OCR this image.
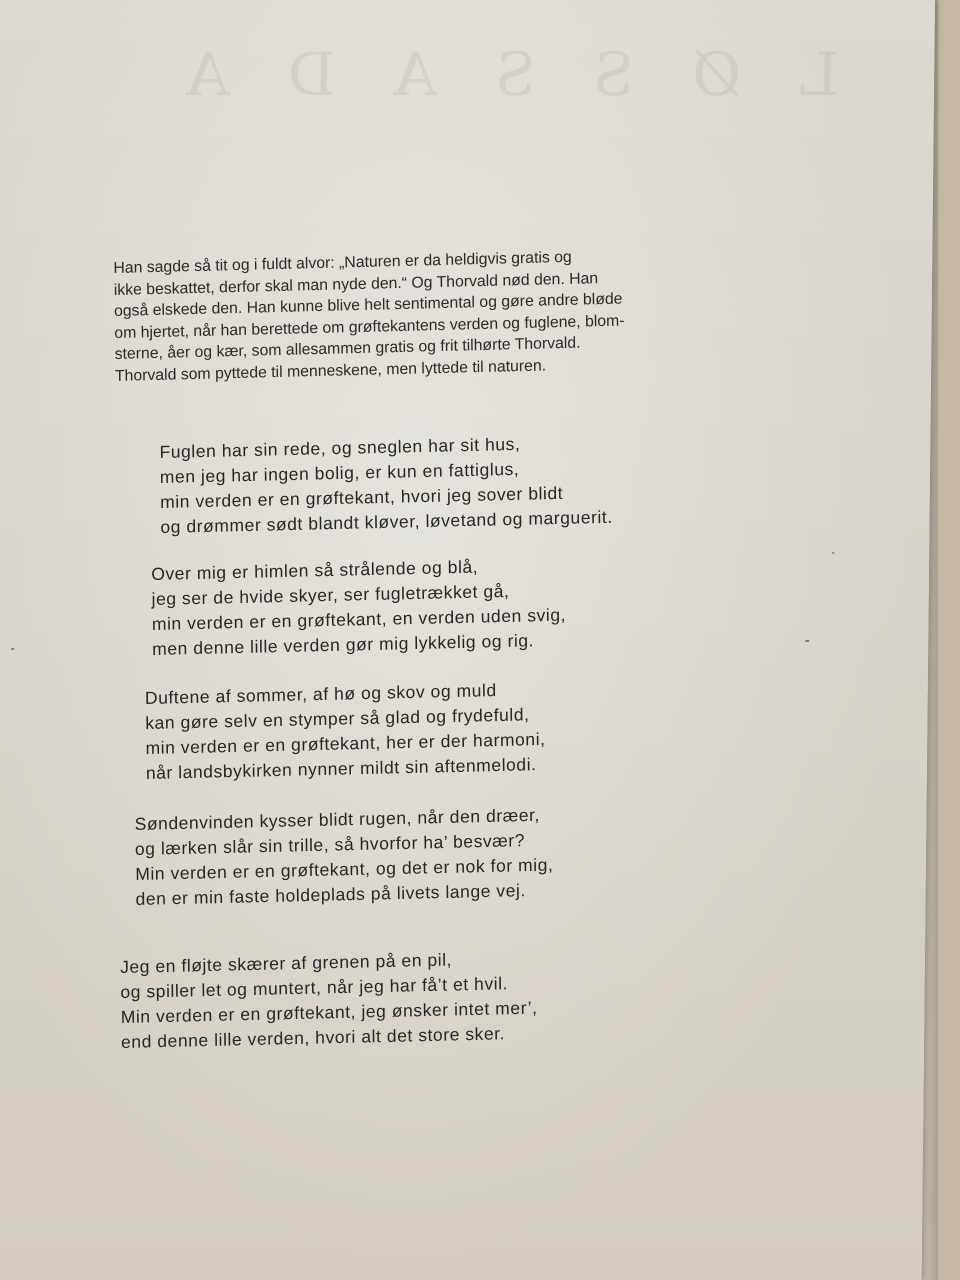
LØSSADA
Han sagde så tit og i fuldt alvor: „Naturen er da heldigvis gratis og
ikke beskattet, derfor skal man nyde den.“ Og Thorvald nød den. Han
også elskede den. Han kunne blive helt sentimental og gøre andre bløde
om hjertet, når han berettede om grøftekantens verden og fuglene, blom-
sterne, åer og kær, som allesammen gratis og frit tilhørte Thorvald.
Thorvald som pyttede til menneskene, men lyttede til naturen.
Fuglen har sin rede, og sneglen har sit hus,
men jeg har ingen bolig, er kun en fattiglus,
min verden er en grøftekant, hvori jeg sover blidt
og drømmer sødt blandt kløver, løvetand og marguerit.
Over mig er himlen så strålende og blå,
jeg ser de hvide skyer, ser fugletrækket gå,
min verden er en grøftekant, en verden uden svig,
men denne lille verden gør mig lykkelig og rig.
Duftene af sommer, af hø og skov og muld
kan gøre selv en stymper så glad og frydefuld,
min verden er en grøftekant, her er der harmoni,
når landsbykirken nynner mildt sin aftenmelodi.
Søndenvinden kysser blidt rugen, når den dræer,
og lærken slår sin trille, så hvorfor ha’ besvær?
Min verden er en grøftekant, og det er nok for mig,
den er min faste holdeplads på livets lange vej.
Jeg en fløjte skærer af grenen på en pil,
og spiller let og muntert, når jeg har få’t et hvil.
Min verden er en grøftekant, jeg ønsker intet mer’,
end denne lille verden, hvori alt det store sker.
